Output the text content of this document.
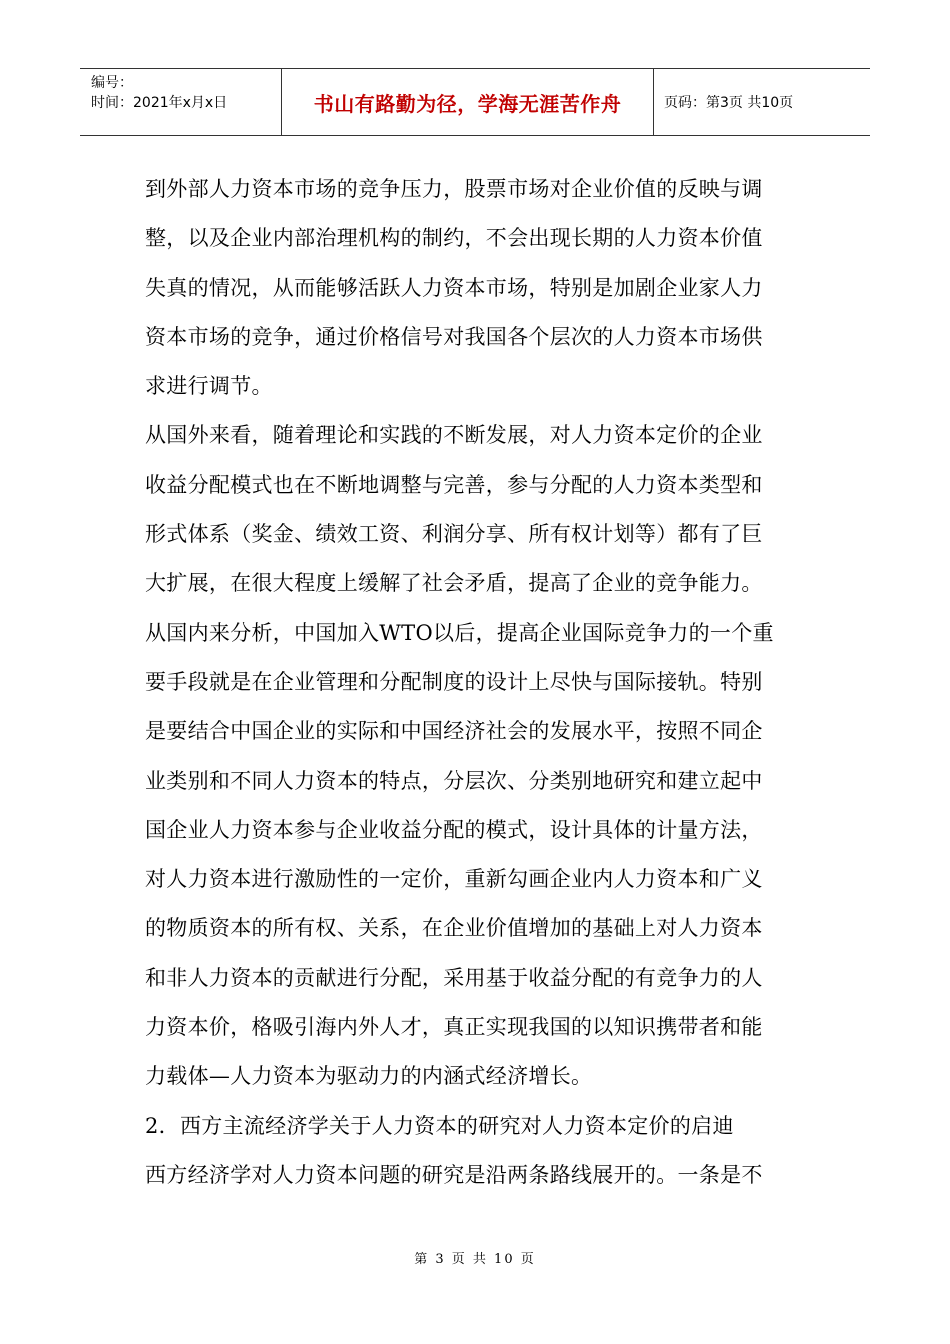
编号：
时间：2021年x月x日	书山有路勤为径，学海无涯苦作舟	页码：第3页 共10页
到外部人力资本市场的竞争压力，股票市场对企业价值的反映与调
整，以及企业内部治理机构的制约，不会出现长期的人力资本价值
失真的情况，从而能够活跃人力资本市场，特别是加剧企业家人力
资本市场的竞争，通过价格信号对我国各个层次的人力资本市场供
求进行调节。
从国外来看，随着理论和实践的不断发展，对人力资本定价的企业
收益分配模式也在不断地调整与完善，参与分配的人力资本类型和
形式体系（奖金、绩效工资、利润分享、所有权计划等）都有了巨
大扩展，在很大程度上缓解了社会矛盾，提高了企业的竞争能力。
从国内来分析，中国加入WTO以后，提高企业国际竞争力的一个重
要手段就是在企业管理和分配制度的设计上尽快与国际接轨。特别
是要结合中国企业的实际和中国经济社会的发展水平，按照不同企
业类别和不同人力资本的特点，分层次、分类别地研究和建立起中
国企业人力资本参与企业收益分配的模式，设计具体的计量方法，
对人力资本进行激励性的一定价，重新勾画企业内人力资本和广义
的物质资本的所有权、关系，在企业价值增加的基础上对人力资本
和非人力资本的贡献进行分配，采用基于收益分配的有竞争力的人
力资本价，格吸引海内外人才，真正实现我国的以知识携带者和能
力载体—人力资本为驱动力的内涵式经济增长。
2．西方主流经济学关于人力资本的研究对人力资本定价的启迪
西方经济学对人力资本问题的研究是沿两条路线展开的。一条是不
第 3 页 共 10 页
